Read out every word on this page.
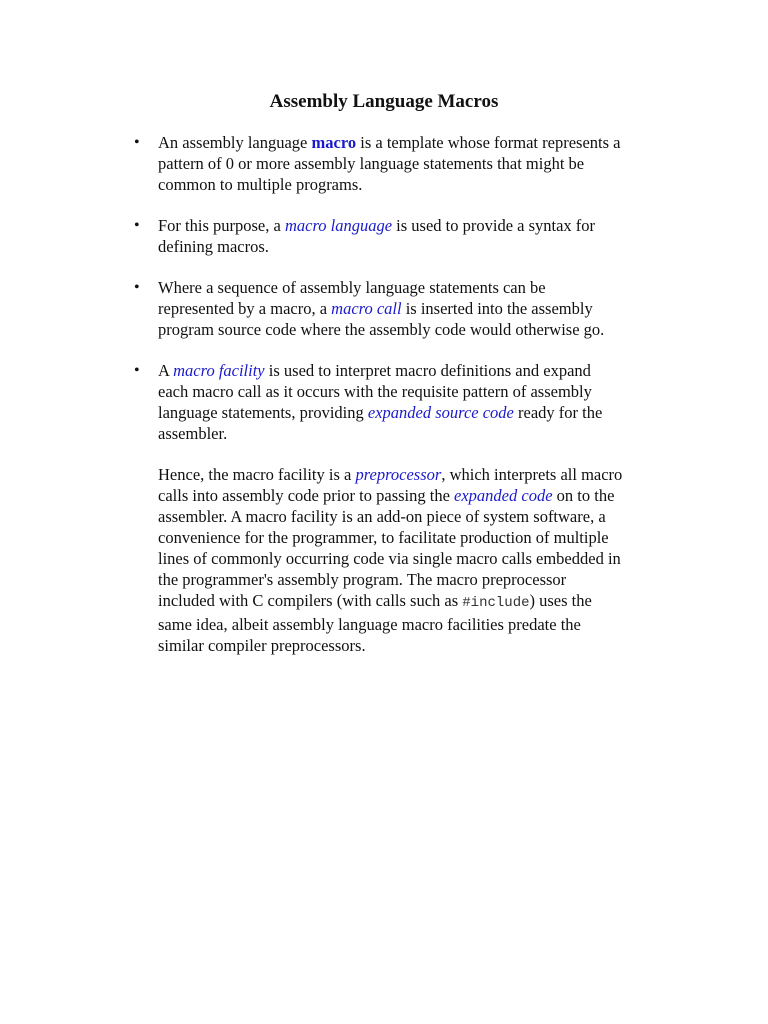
Assembly Language Macros
• An assembly language macro is a template whose format represents a pattern of 0 or more assembly language statements that might be common to multiple programs.

• For this purpose, a macro language is used to provide a syntax for defining macros.

• Where a sequence of assembly language statements can be represented by a macro, a macro call is inserted into the assembly program source code where the assembly code would otherwise go.

• A macro facility is used to interpret macro definitions and expand each macro call as it occurs with the requisite pattern of assembly language statements, providing expanded source code ready for the assembler.

Hence, the macro facility is a preprocessor, which interprets all macro calls into assembly code prior to passing the expanded code on to the assembler. A macro facility is an add-on piece of system software, a convenience for the programmer, to facilitate production of multiple lines of commonly occurring code via single macro calls embedded in the programmer's assembly program. The macro preprocessor included with C compilers (with calls such as #include) uses the same idea, albeit assembly language macro facilities predate the similar compiler preprocessors.
